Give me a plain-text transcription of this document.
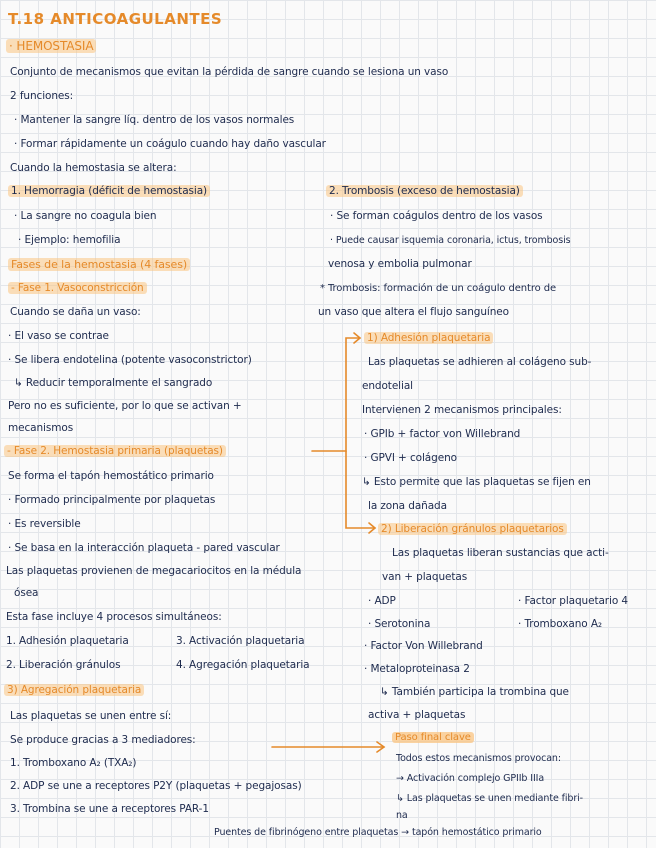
T.18 ANTICOAGULANTES
· HEMOSTASIA
Conjunto de mecanismos que evitan la pérdida de sangre cuando se lesiona un vaso
2 funciones:
· Mantener la sangre líq. dentro de los vasos normales
· Formar rápidamente un coágulo cuando hay daño vascular
Cuando la hemostasia se altera:
1. Hemorragia (déficit de hemostasia)
· La sangre no coagula bien
· Ejemplo: hemofilia
Fases de la hemostasia (4 fases)
- Fase 1. Vasoconstricción
Cuando se daña un vaso:
· El vaso se contrae
· Se libera endotelina (potente vasoconstrictor)
↳ Reducir temporalmente el sangrado
Pero no es suficiente, por lo que se activan +
mecanismos
- Fase 2. Hemostasia primaria (plaquetas)
Se forma el tapón hemostático primario
· Formado principalmente por plaquetas
· Es reversible
· Se basa en la interacción plaqueta - pared vascular
Las plaquetas provienen de megacariocitos en la médula
ósea
Esta fase incluye 4 procesos simultáneos:
1. Adhesión plaquetaria	3. Activación plaquetaria
2. Liberación gránulos	4. Agregación plaquetaria
3) Agregación plaquetaria
Las plaquetas se unen entre sí:
Se produce gracias a 3 mediadores:
1. Tromboxano A₂ (TXA₂)
2. ADP se une a receptores P2Y (plaquetas + pegajosas)
3. Trombina se une a receptores PAR-1
Puentes de fibrinógeno entre plaquetas → tapón hemostático primario
2. Trombosis (exceso de hemostasia)
· Se forman coágulos dentro de los vasos
· Puede causar isquemia coronaria, ictus, trombosis
venosa y embolia pulmonar
* Trombosis: formación de un coágulo dentro de
un vaso que altera el flujo sanguíneo
1) Adhesión plaquetaria
Las plaquetas se adhieren al colágeno sub-
endotelial
Intervienen 2 mecanismos principales:
· GPIb + factor von Willebrand
· GPVI + colágeno
↳ Esto permite que las plaquetas se fijen en
la zona dañada
2) Liberación gránulos plaquetarios
Las plaquetas liberan sustancias que acti-
van + plaquetas
· ADP	· Factor plaquetario 4
· Serotonina	· Tromboxano A₂
· Factor Von Willebrand
· Metaloproteinasa 2
↳ También participa la trombina que
activa + plaquetas
Paso final clave
Todos estos mecanismos provocan:
→ Activación complejo GPIIb IIIa
↳ Las plaquetas se unen mediante fibri-
na
